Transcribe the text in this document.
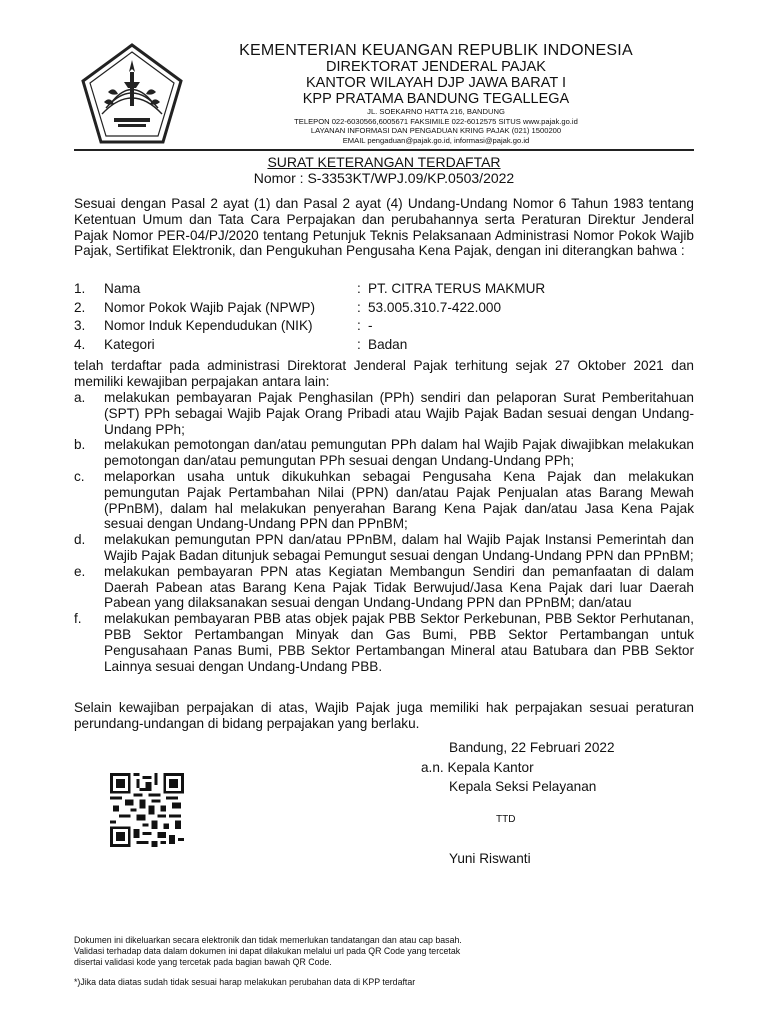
KEMENTERIAN KEUANGAN REPUBLIK INDONESIA
DIREKTORAT JENDERAL PAJAK
KANTOR WILAYAH DJP JAWA BARAT I
KPP PRATAMA BANDUNG TEGALLEGA
JL. SOEKARNO HATTA 216, BANDUNG
TELEPON 022-6030566,6005671 FAKSIMILE 022-6012575 SITUS www.pajak.go.id
LAYANAN INFORMASI DAN PENGADUAN KRING PAJAK (021) 1500200
EMAIL pengaduan@pajak.go.id, informasi@pajak.go.id
SURAT KETERANGAN TERDAFTAR
Nomor : S-3353KT/WPJ.09/KP.0503/2022
Sesuai dengan Pasal 2 ayat (1) dan Pasal 2 ayat (4) Undang-Undang Nomor 6 Tahun 1983 tentang Ketentuan Umum dan Tata Cara Perpajakan dan perubahannya serta Peraturan Direktur Jenderal Pajak Nomor PER-04/PJ/2020 tentang Petunjuk Teknis Pelaksanaan Administrasi Nomor Pokok Wajib Pajak, Sertifikat Elektronik, dan Pengukuhan Pengusaha Kena Pajak, dengan ini diterangkan bahwa :
1.	Nama	: PT. CITRA TERUS MAKMUR
2.	Nomor Pokok Wajib Pajak (NPWP)	: 53.005.310.7-422.000
3.	Nomor Induk Kependudukan (NIK)	: -
4.	Kategori	: Badan
telah terdaftar pada administrasi Direktorat Jenderal Pajak terhitung sejak 27 Oktober 2021 dan memiliki kewajiban perpajakan antara lain:
a.	melakukan pembayaran Pajak Penghasilan (PPh) sendiri dan pelaporan Surat Pemberitahuan (SPT) PPh sebagai Wajib Pajak Orang Pribadi atau Wajib Pajak Badan sesuai dengan Undang-Undang PPh;
b.	melakukan pemotongan dan/atau pemungutan PPh dalam hal Wajib Pajak diwajibkan melakukan pemotongan dan/atau pemungutan PPh sesuai dengan Undang-Undang PPh;
c.	melaporkan usaha untuk dikukuhkan sebagai Pengusaha Kena Pajak dan melakukan pemungutan Pajak Pertambahan Nilai (PPN) dan/atau Pajak Penjualan atas Barang Mewah (PPnBM), dalam hal melakukan penyerahan Barang Kena Pajak dan/atau Jasa Kena Pajak sesuai dengan Undang-Undang PPN dan PPnBM;
d.	melakukan pemungutan PPN dan/atau PPnBM, dalam hal Wajib Pajak Instansi Pemerintah dan Wajib Pajak Badan ditunjuk sebagai Pemungut sesuai dengan Undang-Undang PPN dan PPnBM;
e.	melakukan pembayaran PPN atas Kegiatan Membangun Sendiri dan pemanfaatan di dalam Daerah Pabean atas Barang Kena Pajak Tidak Berwujud/Jasa Kena Pajak dari luar Daerah Pabean yang dilaksanakan sesuai dengan Undang-Undang PPN dan PPnBM; dan/atau
f.	melakukan pembayaran PBB atas objek pajak PBB Sektor Perkebunan, PBB Sektor Perhutanan, PBB Sektor Pertambangan Minyak dan Gas Bumi, PBB Sektor Pertambangan untuk Pengusahaan Panas Bumi, PBB Sektor Pertambangan Mineral atau Batubara dan PBB Sektor Lainnya sesuai dengan Undang-Undang PBB.
Selain kewajiban perpajakan di atas, Wajib Pajak juga memiliki hak perpajakan sesuai peraturan perundang-undangan di bidang perpajakan yang berlaku.
Bandung, 22 Februari 2022
a.n. Kepala Kantor
Kepala Seksi Pelayanan
TTD
Yuni Riswanti
Dokumen ini dikeluarkan secara elektronik dan tidak memerlukan tandatangan dan atau cap basah.
Validasi terhadap data dalam dokumen ini dapat dilakukan melalui url pada QR Code yang tercetak
disertai validasi kode yang tercetak pada bagian bawah QR Code.
*)Jika data diatas sudah tidak sesuai harap melakukan perubahan data di KPP terdaftar
